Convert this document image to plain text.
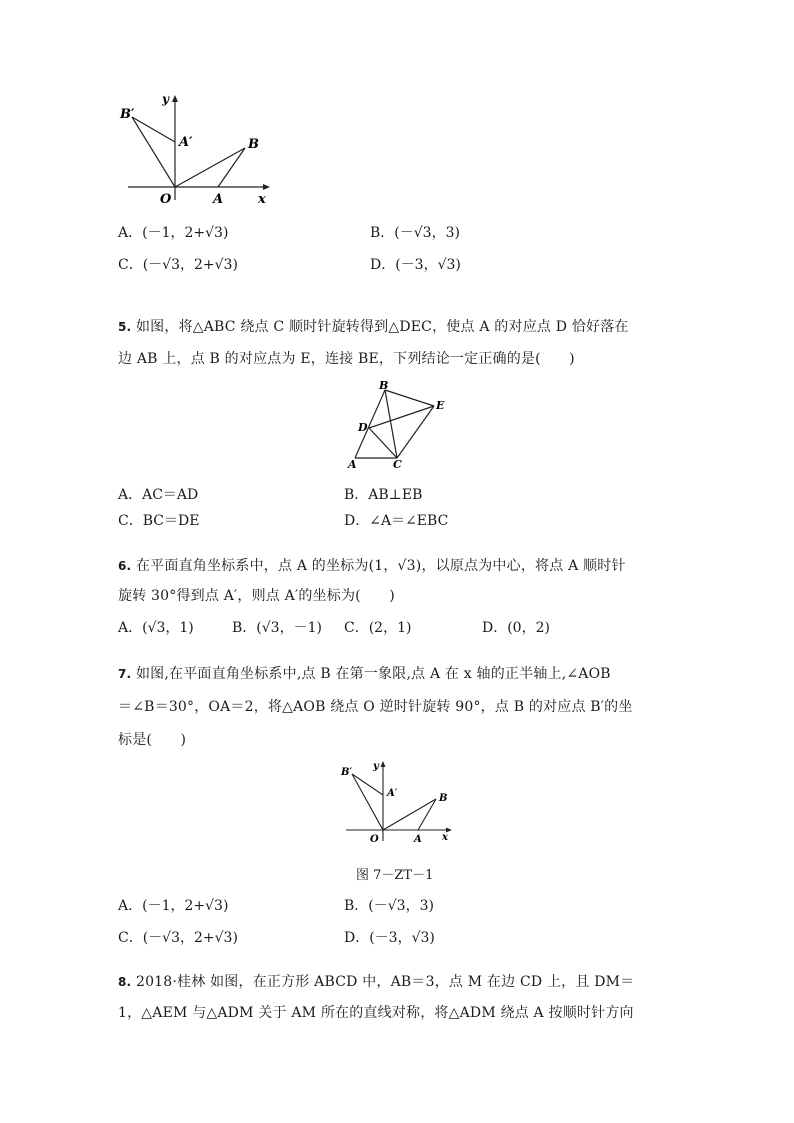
B′
y
A′	B
O	A	x
A．(－1，2+√3)	B．(－√3，3)
C．(－√3，2+√3)	D．(－3，√3)
5. 如图，将△ABC 绕点 C 顺时针旋转得到△DEC，使点 A 的对应点 D 恰好落在
边 AB 上，点 B 的对应点为 E，连接 BE，下列结论一定正确的是(　　)
B
E
D
A	C
A．AC＝AD	B．AB⊥EB
C．BC＝DE	D．∠A＝∠EBC
6. 在平面直角坐标系中，点 A 的坐标为(1，√3)，以原点为中心，将点 A 顺时针
旋转 30°得到点 A′，则点 A′的坐标为(　　)
A．(√3，1)	B．(√3，－1) C．(2，1)	D．(0，2)
7. 如图,在平面直角坐标系中,点 B 在第一象限,点 A 在 x 轴的正半轴上,∠AOB
＝∠B＝30°，OA＝2，将△AOB 绕点 O 逆时针旋转 90°，点 B 的对应点 B′的坐
标是(　　)
B′
y
A′	B
O	A x
图 7－ZT－1
A．(－1，2+√3)	B．(－√3，3)
C．(－√3，2+√3)	D．(－3，√3)
8. 2018·桂林 如图，在正方形 ABCD 中，AB＝3，点 M 在边 CD 上，且 DM＝
1，△AEM 与△ADM 关于 AM 所在的直线对称，将△ADM 绕点 A 按顺时针方向
